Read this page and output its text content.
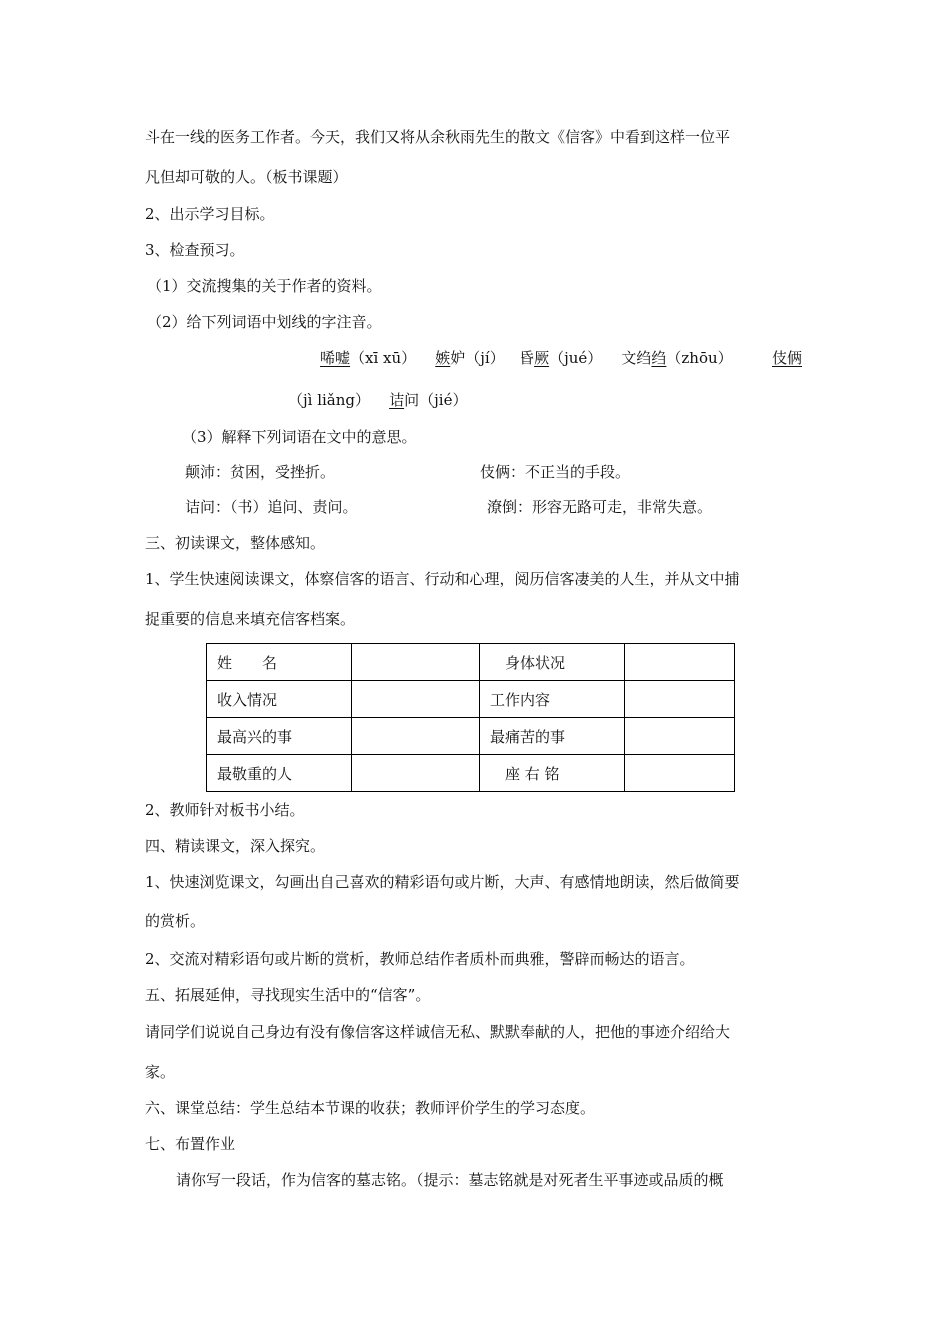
斗在一线的医务工作者。今天，我们又将从余秋雨先生的散文《信客》中看到这样一位平
凡但却可敬的人。（板书课题）
2、出示学习目标。
3、检查预习。
（1）交流搜集的关于作者的资料。
（2）给下列词语中划线的字注音。
唏嘘（xī xū） 嫉妒（jí） 昏厥（jué） 文绉绉（zhōu）	伎俩
（jì liǎng） 诘问（jié）
（3）解释下列词语在文中的意思。
颠沛：贫困，受挫折。	伎俩：不正当的手段。
诘问：（书）追问、责问。	潦倒：形容无路可走，非常失意。
三、初读课文，整体感知。
1、学生快速阅读课文，体察信客的语言、行动和心理，阅历信客凄美的人生，并从文中捕
捉重要的信息来填充信客档案。
姓　　名		　身体状况	
收入情况		工作内容	
最高兴的事		最痛苦的事	
最敬重的人		　座 右 铭	
2、教师针对板书小结。
四、精读课文，深入探究。
1、快速浏览课文，勾画出自己喜欢的精彩语句或片断，大声、有感情地朗读，然后做简要
的赏析。
2、交流对精彩语句或片断的赏析，教师总结作者质朴而典雅，警辟而畅达的语言。
五、拓展延伸，寻找现实生活中的“信客”。
请同学们说说自己身边有没有像信客这样诚信无私、默默奉献的人，把他的事迹介绍给大
家。
六、课堂总结：学生总结本节课的收获；教师评价学生的学习态度。
七、布置作业
请你写一段话，作为信客的墓志铭。（提示：墓志铭就是对死者生平事迹或品质的概
